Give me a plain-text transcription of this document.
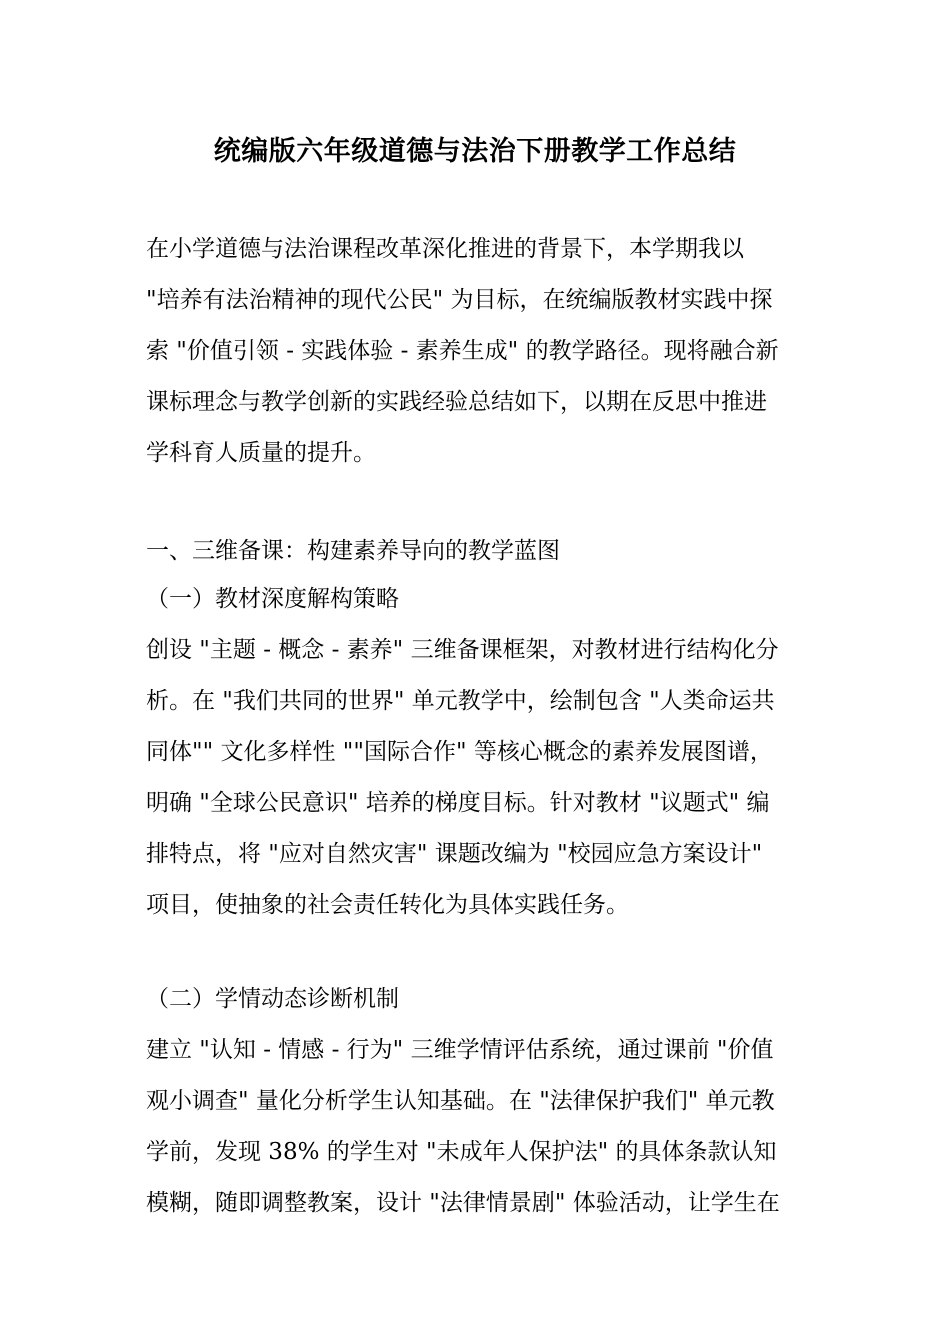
统编版六年级道德与法治下册教学工作总结
在小学道德与法治课程改革深化推进的背景下，本学期我以
"培养有法治精神的现代公民" 为目标，在统编版教材实践中探
索 "价值引领 - 实践体验 - 素养生成" 的教学路径。现将融合新
课标理念与教学创新的实践经验总结如下，以期在反思中推进
学科育人质量的提升。
一、三维备课：构建素养导向的教学蓝图
（一）教材深度解构策略
创设 "主题 - 概念 - 素养" 三维备课框架，对教材进行结构化分
析。在 "我们共同的世界" 单元教学中，绘制包含 "人类命运共
同体"" 文化多样性 ""国际合作" 等核心概念的素养发展图谱，
明确 "全球公民意识" 培养的梯度目标。针对教材 "议题式" 编
排特点，将 "应对自然灾害" 课题改编为 "校园应急方案设计"
项目，使抽象的社会责任转化为具体实践任务。
（二）学情动态诊断机制
建立 "认知 - 情感 - 行为" 三维学情评估系统，通过课前 "价值
观小调查" 量化分析学生认知基础。在 "法律保护我们" 单元教
学前，发现 38% 的学生对 "未成年人保护法" 的具体条款认知
模糊，随即调整教案，设计 "法律情景剧" 体验活动，让学生在
